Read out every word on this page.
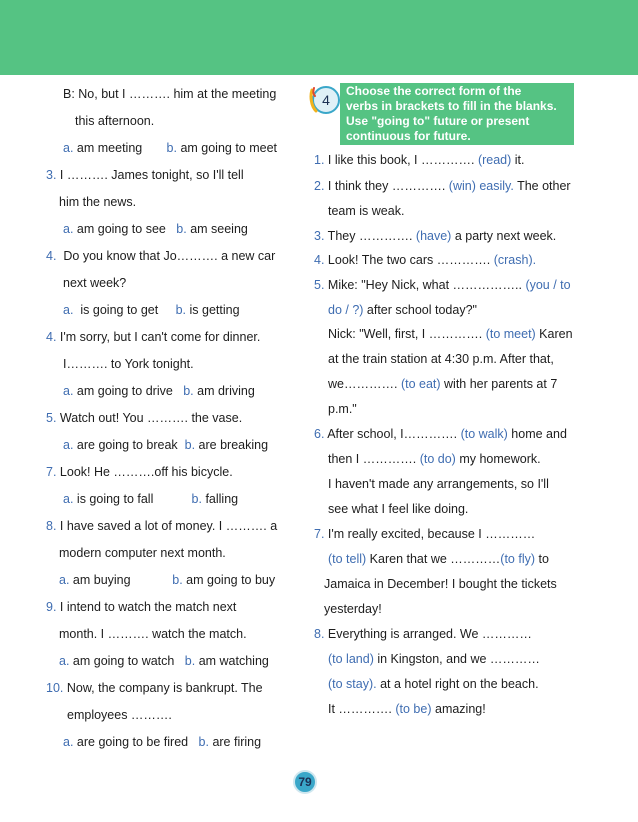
B: No, but I ………. him at the meeting
this afternoon.
a. am meeting       b. am going to meet
3. I ………. James tonight, so I'll tell
him the news.
a. am going to see   b. am seeing
4.  Do you know that Jo………. a new car
next week?
a.  is going to get     b. is getting
4. I'm sorry, but I can't come for dinner.
I………. to York tonight.
a. am going to drive   b. am driving
5. Watch out! You ………. the vase.
a. are going to break  b. are breaking
7. Look! He ……….off his bicycle.
a. is going to fall           b. falling
8. I have saved a lot of money. I ………. a
modern computer next month.
a. am buying            b. am going to buy
9. I intend to watch the match next
month. I ………. watch the match.
a. am going to watch   b. am watching
10. Now, the company is bankrupt. The
employees ……….
a. are going to be fired   b. are firing
4
Choose the correct form of the
verbs in brackets to fill in the blanks.
Use "going to" future or present
continuous for future.
1. I like this book, I …………. (read) it.
2. I think they …………. (win) easily. The other
team is weak.
3. They …………. (have) a party next week.
4. Look! The two cars …………. (crash).
5. Mike: "Hey Nick, what …………….. (you / to
do / ?) after school today?"
Nick: "Well, first, I …………. (to meet) Karen
at the train station at 4:30 p.m. After that,
we…………. (to eat) with her parents at 7
p.m."
6. After school, I…………. (to walk) home and
then I …………. (to do) my homework.
I haven't made any arrangements, so I'll
see what I feel like doing.
7. I'm really excited, because I …………
(to tell) Karen that we …………(to fly) to
Jamaica in December! I bought the tickets
yesterday!
8. Everything is arranged. We …………
(to land) in Kingston, and we …………
(to stay). at a hotel right on the beach.
It …………. (to be) amazing!
79
